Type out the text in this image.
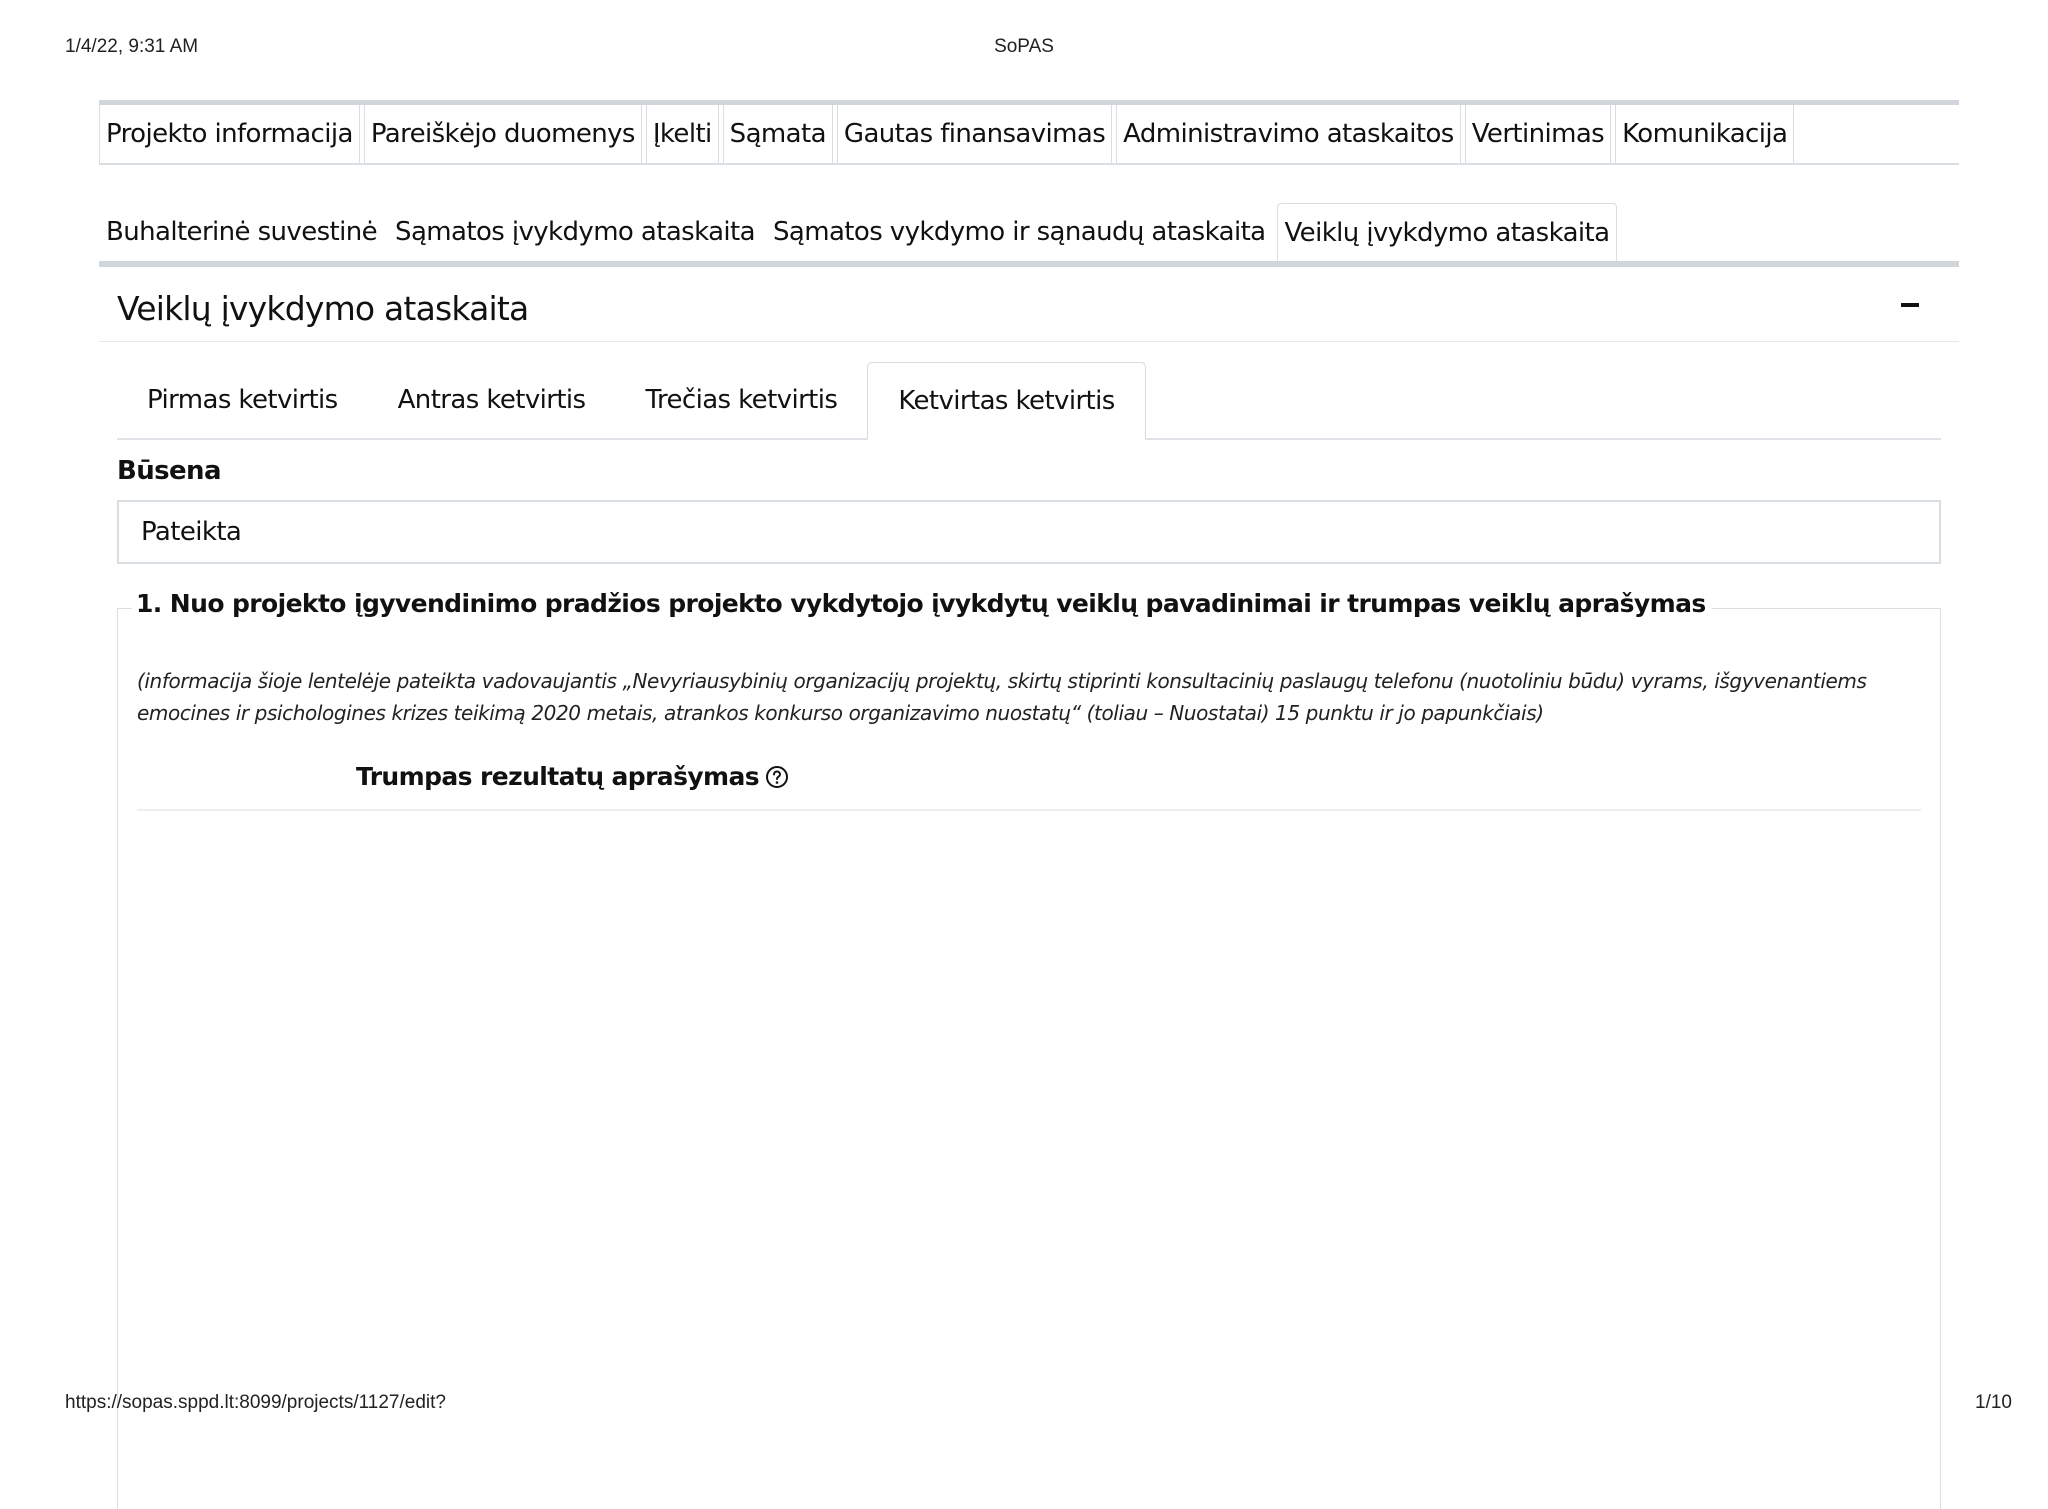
1/4/22, 9:31 AM	SoPAS
Projekto informacija Pareiškėjo duomenys Įkelti Sąmata Gautas finansavimas Administravimo ataskaitos Vertinimas Komunikacija
Buhalterinė suvestinė Sąmatos įvykdymo ataskaita Sąmatos vykdymo ir sąnaudų ataskaita Veiklų įvykdymo ataskaita
Veiklų įvykdymo ataskaita
Pirmas ketvirtis	Antras ketvirtis	Trečias ketvirtis	Ketvirtas ketvirtis
Būsena
Pateikta
1. Nuo projekto įgyvendinimo pradžios projekto vykdytojo įvykdytų veiklų pavadinimai ir trumpas veiklų aprašymas
(informacija šioje lentelėje pateikta vadovaujantis „Nevyriausybinių organizacijų projektų, skirtų stiprinti konsultacinių paslaugų telefonu (nuotoliniu būdu) vyrams, išgyvenantiems emocines ir psichologines krizes teikimą 2020 metais, atrankos konkurso organizavimo nuostatų“ (toliau – Nuostatai) 15 punktu ir jo papunkčiais)
Trumpas rezultatų aprašymas
https://sopas.sppd.lt:8099/projects/1127/edit?	1/10
